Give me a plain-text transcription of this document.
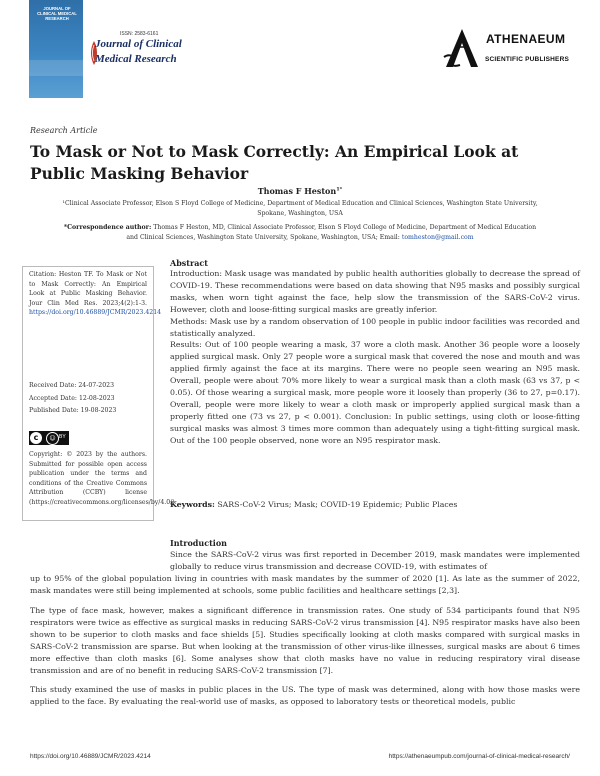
JOURNAL OF CLINICAL MEDICAL RESEARCH
ISSN: 2583-6161
Journal of Clinical
Medical Research
ATHENAEUM
SCIENTIFIC PUBLISHERS
Research Article
To Mask or Not to Mask Correctly: An Empirical Look at Public Masking Behavior
Thomas F Heston$^{1*}$
¹Clinical Associate Professor, Elson S Floyd College of Medicine, Department of Medical Education and Clinical Sciences, Washington State University, Spokane, Washington, USA
*Correspondence author: Thomas F Heston, MD, Clinical Associate Professor, Elson S Floyd College of Medicine, Department of Medical Education and Clinical Sciences, Washington State University, Spokane, Washington, USA; Email: tomheston@gmail.com

Citation: Heston TF. To Mask or Not to Mask Correctly: An Empirical Look at Public Masking Behavior. Jour Clin Med Res. 2023;4(2):1-3. https://doi.org/10.46889/JCMR/2023.4214

Received Date: 24-07-2023

Accepted Date: 12-08-2023

Published Date: 19-08-2023

c	☺ BY

Copyright: © 2023 by the authors. Submitted for possible open access publication under the terms and conditions of the Creative Commons Attribution (CCBY) license (https://creativecommons.org/licenses/by/4.0/).

Abstract

Introduction: Mask usage was mandated by public health authorities globally to decrease the spread of COVID-19. These recommendations were based on data showing that N95 masks and possibly surgical masks, when worn tight against the face, help slow the transmission of the SARS-CoV-2 virus. However, cloth and loose-fitting surgical masks are greatly inferior.

Methods: Mask use by a random observation of 100 people in public indoor facilities was recorded and statistically analyzed.

Results: Out of 100 people wearing a mask, 37 wore a cloth mask. Another 36 people wore a loosely applied surgical mask. Only 27 people wore a surgical mask that covered the nose and mouth and was applied firmly against the face at its margins. There were no people seen wearing an N95 mask. Overall, people were about 70% more likely to wear a surgical mask than a cloth mask (63 vs 37, p < 0.05). Of those wearing a surgical mask, more people wore it loosely than properly (36 to 27, p=0.17). Overall, people were more likely to wear a cloth mask or improperly applied surgical mask than a properly fitted one (73 vs 27, p < 0.001). Conclusion: In public settings, using cloth or loose-fitting surgical masks was almost 3 times more common than adequately using a tight-fitting surgical mask. Out of the 100 people observed, none wore an N95 respirator mask.

Keywords: SARS-CoV-2 Virus; Mask; COVID-19 Epidemic; Public Places
Introduction
Since the SARS-CoV-2 virus was first reported in December 2019, mask mandates were implemented globally to reduce virus transmission and decrease COVID-19, with estimates of
up to 95% of the global population living in countries with mask mandates by the summer of 2020 [1]. As late as the summer of 2022, mask mandates were still being implemented at schools, some public facilities and healthcare settings [2,3].
The type of face mask, however, makes a significant difference in transmission rates. One study of 534 participants found that N95 respirators were twice as effective as surgical masks in reducing SARS-CoV-2 virus transmission [4]. N95 respirator masks have also been shown to be superior to cloth masks and face shields [5]. Studies specifically looking at cloth masks compared with surgical masks in SARS-CoV-2 transmission are sparse. But when looking at the transmission of other virus-like illnesses, surgical masks are about 6 times more effective than cloth masks [6]. Some analyses show that cloth masks have no value in reducing respiratory viral disease transmission and are of no benefit in reducing SARS-CoV-2 transmission [7].
This study examined the use of masks in public places in the US. The type of mask was determined, along with how those masks were applied to the face. By evaluating the real-world use of masks, as opposed to laboratory tests or theoretical models, public
https://doi.org/10.46889/JCMR/2023.4214	https://athenaeumpub.com/journal-of-clinical-medical-research/
